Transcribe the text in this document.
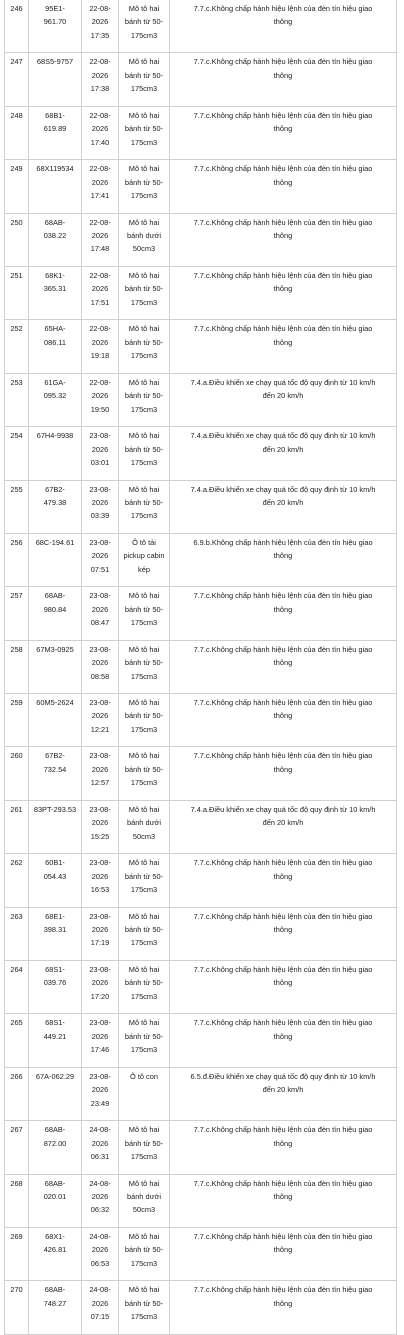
246	95E1-
961.70	22-08-
2026
17:35	Mô tô hai
bánh từ 50-
175cm3	7.7.c.Không chấp hành hiệu lệnh của đèn tín hiệu giao
thông

247	68S5-9757	22-08-
2026
17:38	Mô tô hai
bánh từ 50-
175cm3	7.7.c.Không chấp hành hiệu lệnh của đèn tín hiệu giao
thông

248	68B1-
619.89	22-08-
2026
17:40	Mô tô hai
bánh từ 50-
175cm3	7.7.c.Không chấp hành hiệu lệnh của đèn tín hiệu giao
thông

249	68X119534	22-08-
2026
17:41	Mô tô hai
bánh từ 50-
175cm3	7.7.c.Không chấp hành hiệu lệnh của đèn tín hiệu giao
thông

250	68AB-
038.22	22-08-
2026
17:48	Mô tô hai
bánh dưới
50cm3	7.7.c.Không chấp hành hiệu lệnh của đèn tín hiệu giao
thông

251	68K1-
365.31	22-08-
2026
17:51	Mô tô hai
bánh từ 50-
175cm3	7.7.c.Không chấp hành hiệu lệnh của đèn tín hiệu giao
thông

252	65HA-
086.11	22-08-
2026
19:18	Mô tô hai
bánh từ 50-
175cm3	7.7.c.Không chấp hành hiệu lệnh của đèn tín hiệu giao
thông

253	61GA-
095.32	22-08-
2026
19:50	Mô tô hai
bánh từ 50-
175cm3	7.4.a.Điều khiển xe chạy quá tốc độ quy định từ 10 km/h
đến 20 km/h

254	67H4-9938	23-08-
2026
03:01	Mô tô hai
bánh từ 50-
175cm3	7.4.a.Điều khiển xe chạy quá tốc độ quy định từ 10 km/h
đến 20 km/h

255	67B2-
479.38	23-08-
2026
03:39	Mô tô hai
bánh từ 50-
175cm3	7.4.a.Điều khiển xe chạy quá tốc độ quy định từ 10 km/h
đến 20 km/h

256	68C-194.61	23-08-
2026
07:51	Ô tô tải
pickup cabin
kép	6.9.b.Không chấp hành hiệu lệnh của đèn tín hiệu giao
thông

257	68AB-
980.84	23-08-
2026
08:47	Mô tô hai
bánh từ 50-
175cm3	7.7.c.Không chấp hành hiệu lệnh của đèn tín hiệu giao
thông

258	67M3-0925	23-08-
2026
08:58	Mô tô hai
bánh từ 50-
175cm3	7.7.c.Không chấp hành hiệu lệnh của đèn tín hiệu giao
thông

259	60M5-2624	23-08-
2026
12:21	Mô tô hai
bánh từ 50-
175cm3	7.7.c.Không chấp hành hiệu lệnh của đèn tín hiệu giao
thông

260	67B2-
732.54	23-08-
2026
12:57	Mô tô hai
bánh từ 50-
175cm3	7.7.c.Không chấp hành hiệu lệnh của đèn tín hiệu giao
thông

261	83PT-293.53	23-08-
2026
15:25	Mô tô hai
bánh dưới
50cm3	7.4.a.Điều khiển xe chạy quá tốc độ quy định từ 10 km/h
đến 20 km/h

262	60B1-
054.43	23-08-
2026
16:53	Mô tô hai
bánh từ 50-
175cm3	7.7.c.Không chấp hành hiệu lệnh của đèn tín hiệu giao
thông

263	68E1-
398.31	23-08-
2026
17:19	Mô tô hai
bánh từ 50-
175cm3	7.7.c.Không chấp hành hiệu lệnh của đèn tín hiệu giao
thông

264	68S1-
039.76	23-08-
2026
17:20	Mô tô hai
bánh từ 50-
175cm3	7.7.c.Không chấp hành hiệu lệnh của đèn tín hiệu giao
thông

265	68S1-
449.21	23-08-
2026
17:46	Mô tô hai
bánh từ 50-
175cm3	7.7.c.Không chấp hành hiệu lệnh của đèn tín hiệu giao
thông

266	67A-062.29	23-08-
2026
23:49	Ô tô con	6.5.đ.Điều khiển xe chạy quá tốc độ quy định từ 10 km/h
đến 20 km/h

267	68AB-
872.00	24-08-
2026
06:31	Mô tô hai
bánh từ 50-
175cm3	7.7.c.Không chấp hành hiệu lệnh của đèn tín hiệu giao
thông

268	68AB-
020.01	24-08-
2026
06:32	Mô tô hai
bánh dưới
50cm3	7.7.c.Không chấp hành hiệu lệnh của đèn tín hiệu giao
thông

269	68X1-
426.81	24-08-
2026
06:53	Mô tô hai
bánh từ 50-
175cm3	7.7.c.Không chấp hành hiệu lệnh của đèn tín hiệu giao
thông

270	68AB-
748.27	24-08-
2026
07:15	Mô tô hai
bánh từ 50-
175cm3	7.7.c.Không chấp hành hiệu lệnh của đèn tín hiệu giao
thông
